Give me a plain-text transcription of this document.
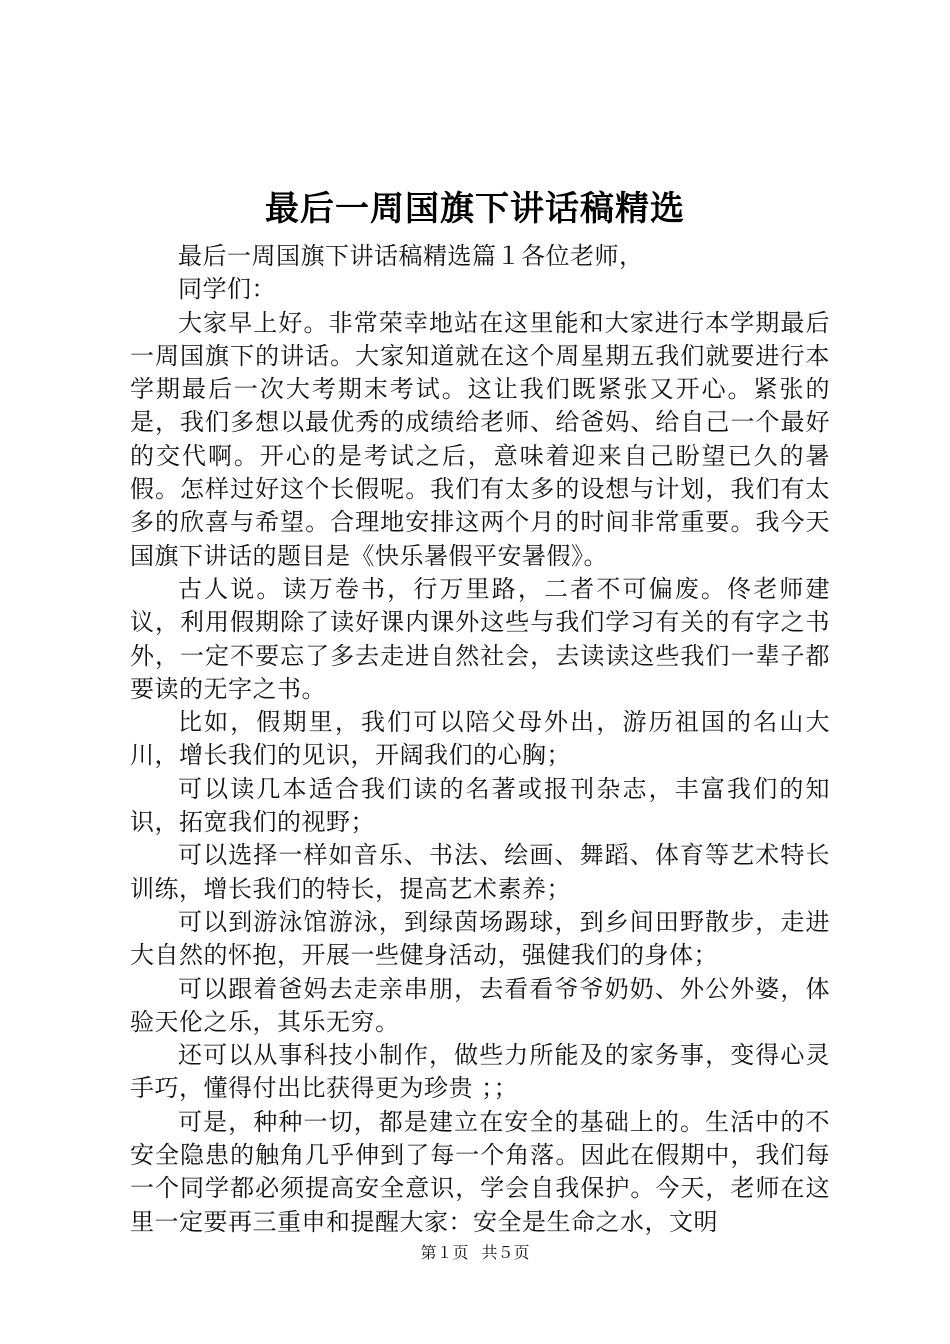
最后一周国旗下讲话稿精选

最后一周国旗下讲话稿精选篇１各位老师，

同学们：

大家早上好。非常荣幸地站在这里能和大家进行本学期最后一周国旗下的讲话。大家知道就在这个周星期五我们就要进行本学期最后一次大考期末考试。这让我们既紧张又开心。紧张的是，我们多想以最优秀的成绩给老师、给爸妈、给自己一个最好的交代啊。开心的是考试之后，意味着迎来自己盼望已久的暑假。怎样过好这个长假呢。我们有太多的设想与计划，我们有太多的欣喜与希望。合理地安排这两个月的时间非常重要。我今天国旗下讲话的题目是《快乐暑假平安暑假》。

古人说。读万卷书，行万里路，二者不可偏废。佟老师建议，利用假期除了读好课内课外这些与我们学习有关的有字之书外，一定不要忘了多去走进自然社会，去读读这些我们一辈子都要读的无字之书。

比如，假期里，我们可以陪父母外出，游历祖国的名山大川，增长我们的见识，开阔我们的心胸；

可以读几本适合我们读的名著或报刊杂志，丰富我们的知识，拓宽我们的视野；

可以选择一样如音乐、书法、绘画、舞蹈、体育等艺术特长训练，增长我们的特长，提高艺术素养；

可以到游泳馆游泳，到绿茵场踢球，到乡间田野散步，走进大自然的怀抱，开展一些健身活动，强健我们的身体；

可以跟着爸妈去走亲串朋，去看看爷爷奶奶、外公外婆，体验天伦之乐，其乐无穷。

还可以从事科技小制作，做些力所能及的家务事，变得心灵手巧，懂得付出比获得更为珍贵 ；；

可是，种种一切，都是建立在安全的基础上的。生活中的不安全隐患的触角几乎伸到了每一个角落。因此在假期中，我们每一个同学都必须提高安全意识，学会自我保护。今天，老师在这里一定要再三重申和提醒大家：安全是生命之水，文明

第１页 共５页
